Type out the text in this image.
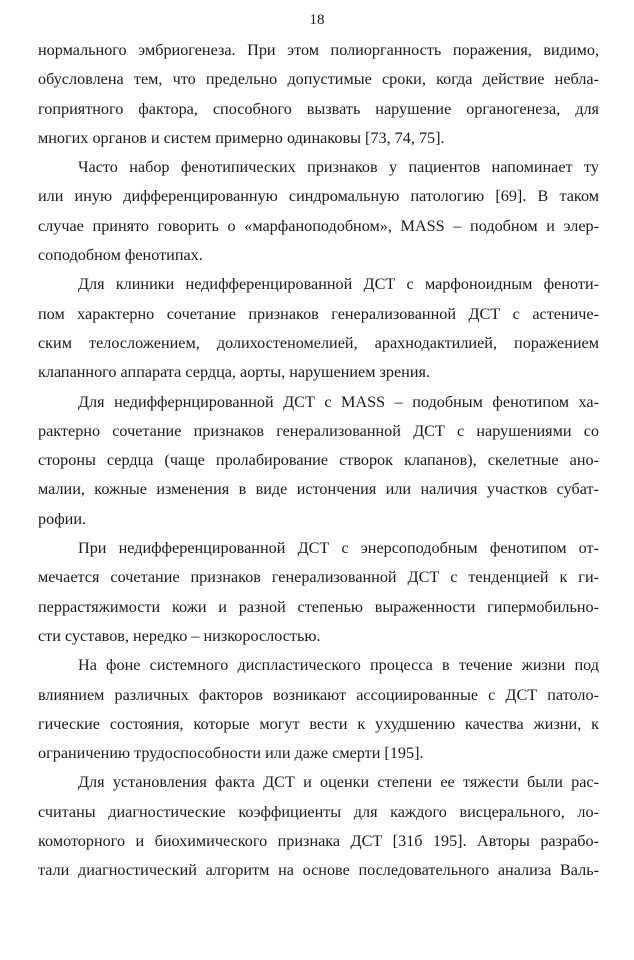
18
нормального эмбриогенеза. При этом полиорганность поражения, видимо,
обусловлена тем, что предельно допустимые сроки, когда действие небла-
гоприятного фактора, способного вызвать нарушение органогенеза, для
многих органов и систем примерно одинаковы [73, 74, 75].
Часто набор фенотипических признаков у пациентов напоминает ту
или иную дифференцированную синдромальную патологию [69]. В таком
случае принято говорить о «марфаноподобном», MASS – подобном и элер-
соподобном фенотипах.
Для клиники недифференцированной ДСТ с марфоноидным феноти-
пом характерно сочетание признаков генерализованной ДСТ с астениче-
ским телосложением, долихостеномелией, арахнодактилией, поражением
клапанного аппарата сердца, аорты, нарушением зрения.
Для недиффернцированной ДСТ с MASS – подобным фенотипом ха-
рактерно сочетание признаков генерализованной ДСТ с нарушениями со
стороны сердца (чаще пролабирование створок клапанов), скелетные ано-
малии, кожные изменения в виде истончения или наличия участков субат-
рофии.
При недифференцированной ДСТ с энерсоподобным фенотипом от-
мечается сочетание признаков генерализованной ДСТ с тенденцией к ги-
перрастяжимости кожи и разной степенью выраженности гипермобильно-
сти суставов, нередко – низкорослостью.
На фоне системного диспластического процесса в течение жизни под
влиянием различных факторов возникают ассоциированные с ДСТ патоло-
гические состояния, которые могут вести к ухудшению качества жизни, к
ограничению трудоспособности или даже смерти [195].
Для установления факта ДСТ и оценки степени ее тяжести были рас-
считаны диагностические коэффициенты для каждого висцерального, ло-
комоторного и биохимического признака ДСТ [31б 195]. Авторы разрабо-
тали диагностический алгоритм на основе последовательного анализа Валь-
